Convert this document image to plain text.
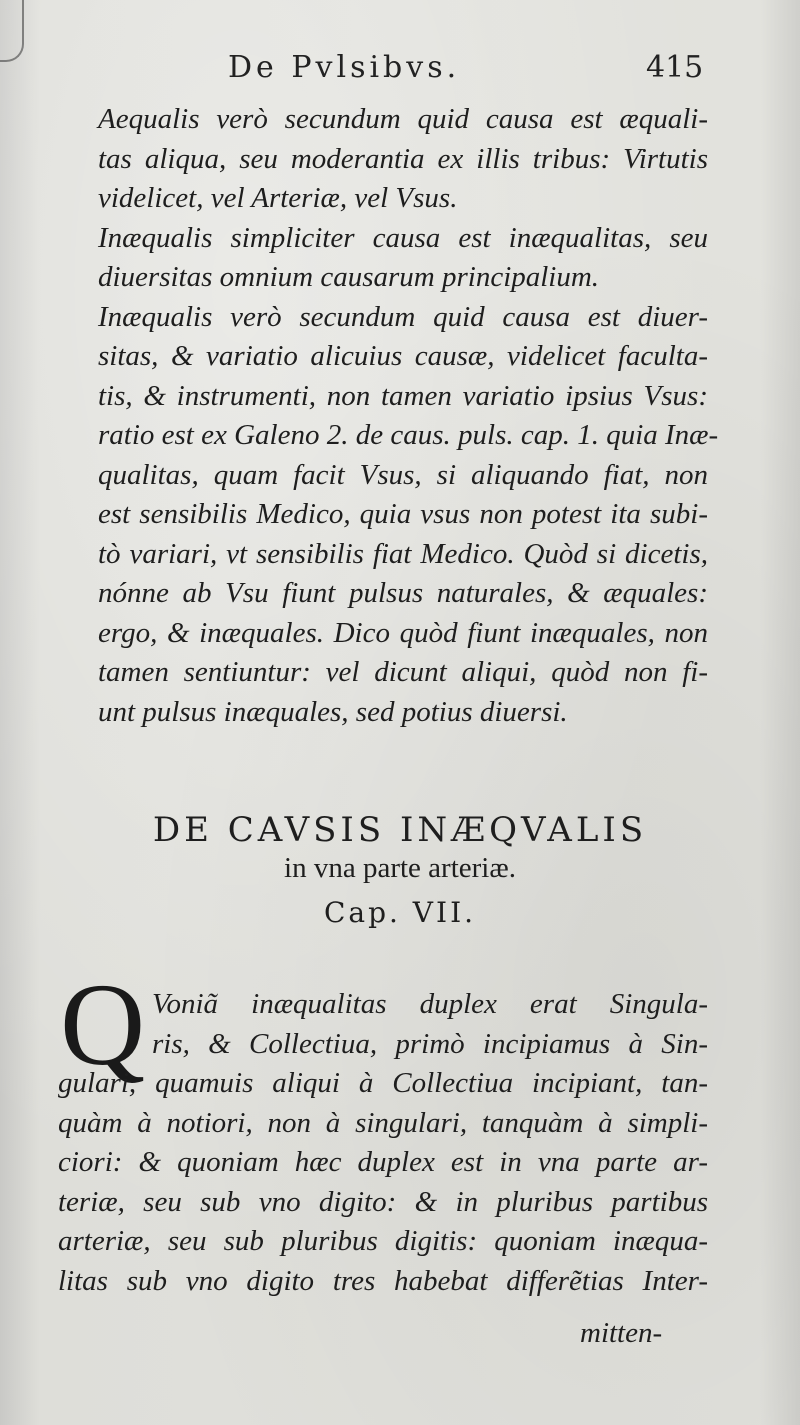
De Pvlsibvs.	415
Aequalis verò secundum quid causa est æquali-
tas aliqua, seu moderantia ex illis tribus: Virtutis
videlicet, vel Arteriæ, vel Vsus.
Inæqualis simpliciter causa est inæqualitas, seu
diuersitas omnium causarum principalium.
Inæqualis verò secundum quid causa est diuer-
sitas, & variatio alicuius causæ, videlicet facultа-
tis, & instrumenti, non tamen variatio ipsius Vsus:
ratio est ex Galeno 2. de caus. puls. cap. 1. quia Inæ-
qualitas, quam facit Vsus, si aliquando fiat, non
est sensibilis Medico, quia vsus non potest ita subi-
tò variari, vt sensibilis fiat Medico. Quòd si dicetis,
nónne ab Vsu fiunt pulsus naturales, & æquales:
ergo, & inæquales. Dico quòd fiunt inæquales, non
tamen sentiuntur: vel dicunt aliqui, quòd non fi-
unt pulsus inæquales, sed potius diuersi.
DE CAVSIS INÆQVALIS
in vna parte arteriæ.
Cap. VII.
Q Voniã inæqualitas duplex erat Singula-
ris, & Collectiua, primò incipiamus à Sin-
gulari, quamuis aliqui à Collectiua incipiant, tan-
quàm à notiori, non à singulari, tanquàm à simpli-
ciori: & quoniam hæc duplex est in vna parte ar-
teriæ, seu sub vno digito: & in pluribus partibus
arteriæ, seu sub pluribus digitis: quoniam inæqua-
litas sub vno digito tres habebat differẽtias Inter-
mitten-
